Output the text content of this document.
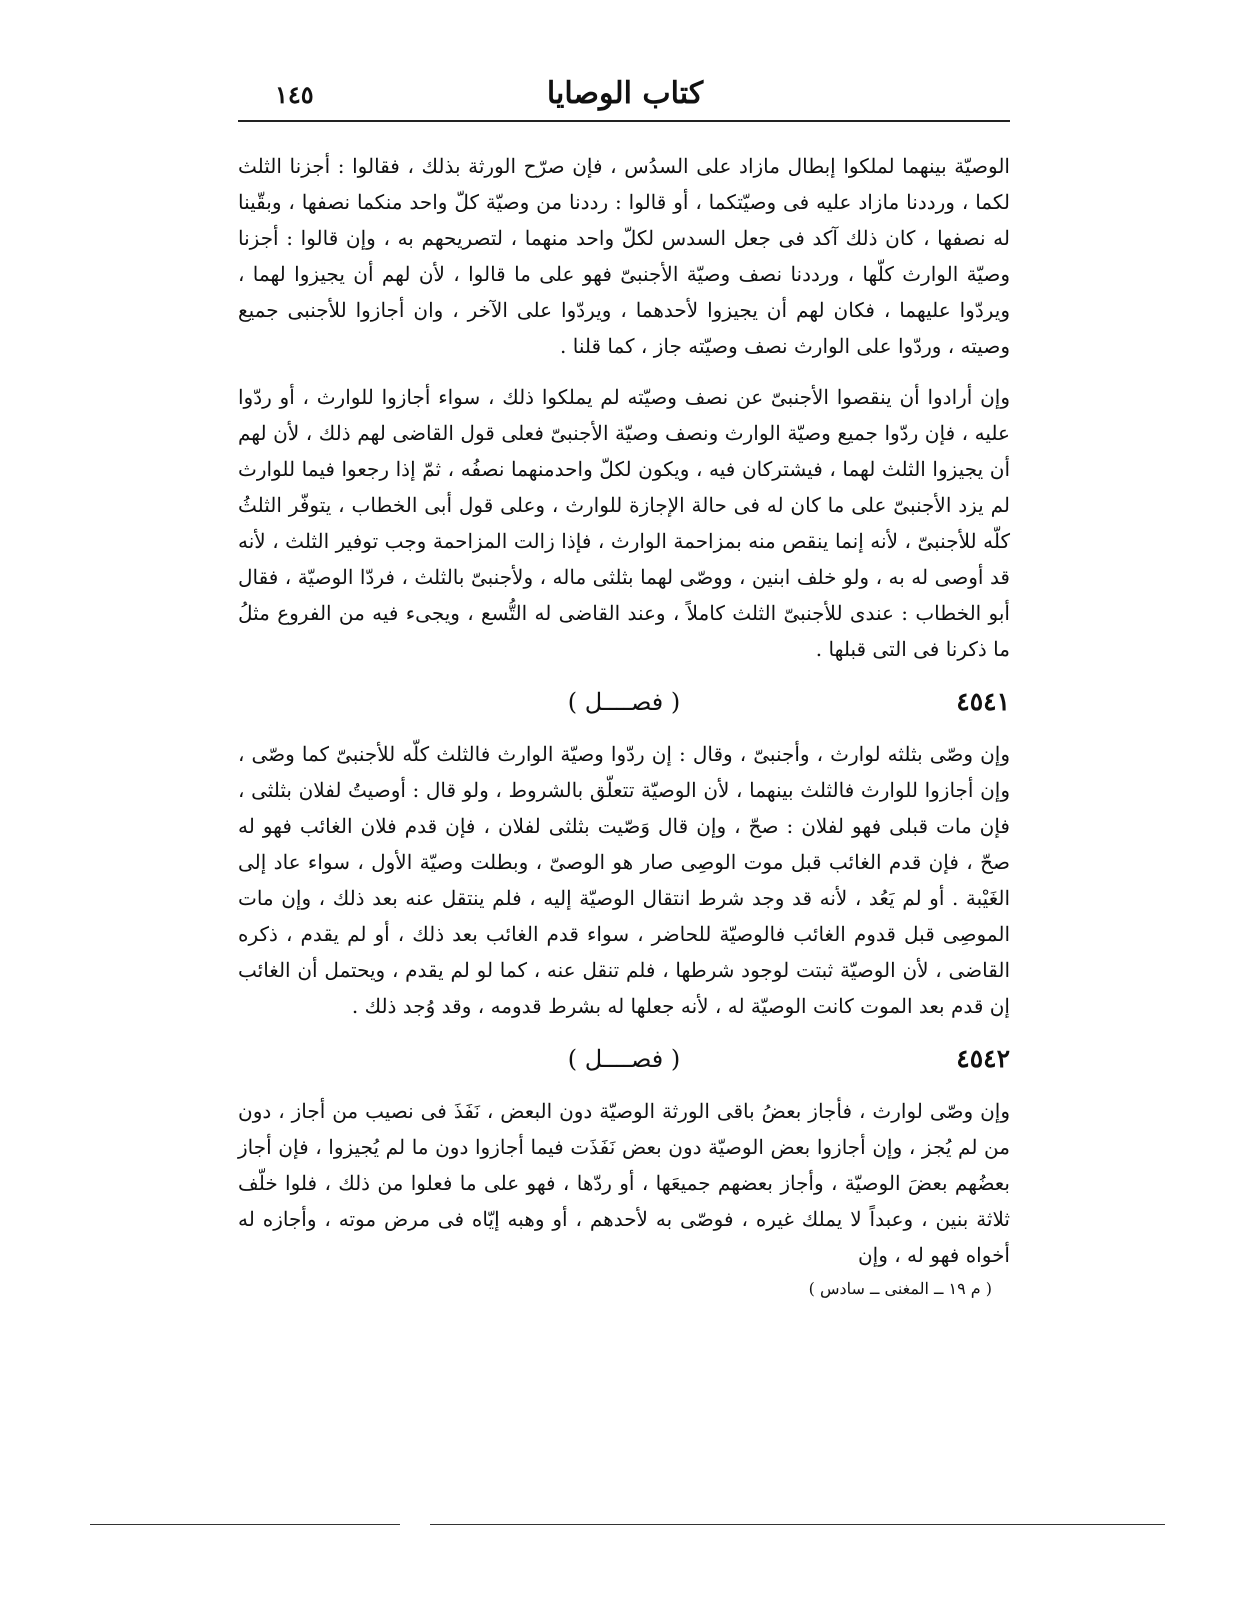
كتاب الوصايا
١٤٥

الوصيّة بينهما لملكوا إبطال مازاد على السدُس ، فإن صرّح الورثة بذلك ، فقالوا : أجزنا الثلث لكما ، ورددنا مازاد عليه فى وصيّتكما ، أو قالوا : رددنا من وصيّة كلّ واحد منكما نصفها ، وبقّينا له نصفها ، كان ذلك آكد فى جعل السدس لكلّ واحد منهما ، لتصريحهم به ، وإن قالوا : أجزنا وصيّة الوارث كلّها ، ورددنا نصف وصيّة الأجنبىّ فهو على ما قالوا ، لأن لهم أن يجيزوا لهما ، ويردّوا عليهما ، فكان لهم أن يجيزوا لأحدهما ، ويردّوا على الآخر ، وان أجازوا للأجنبى جميع وصيته ، وردّوا على الوارث نصف وصيّته جاز ، كما قلنا .

وإن أرادوا أن ينقصوا الأجنبىّ عن نصف وصيّته لم يملكوا ذلك ، سواء أجازوا للوارث ، أو ردّوا عليه ، فإن ردّوا جميع وصيّة الوارث ونصف وصيّة الأجنبىّ فعلى قول القاضى لهم ذلك ، لأن لهم أن يجيزوا الثلث لهما ، فيشتركان فيه ، ويكون لكلّ واحدمنهما نصفُه ، ثمّ إذا رجعوا فيما للوارث لم يزد الأجنبىّ على ما كان له فى حالة الإجازة للوارث ، وعلى قول أبى الخطاب ، يتوفّر الثلثُ كلّه للأجنبىّ ، لأنه إنما ينقص منه بمزاحمة الوارث ، فإذا زالت المزاحمة وجب توفير الثلث ، لأنه قد أوصى له به ، ولو خلف ابنين ، ووصّى لهما بثلثى ماله ، ولأجنبىّ بالثلث ، فردّا الوصيّة ، فقال أبو الخطاب : عندى للأجنبىّ الثلث كاملاً ، وعند القاضى له التُّسع ، ويجىء فيه من الفروع مثلُ ما ذكرنا فى التى قبلها .

٤٥٤١
( فصــــل )

وإن وصّى بثلثه لوارث ، وأجنبىّ ، وقال : إن ردّوا وصيّة الوارث فالثلث كلّه للأجنبىّ كما وصّى ، وإن أجازوا للوارث فالثلث بينهما ، لأن الوصيّة تتعلّق بالشروط ، ولو قال : أوصيتُ لفلان بثلثى ، فإن مات قبلى فهو لفلان : صحّ ، وإن قال وَصّيت بثلثى لفلان ، فإن قدم فلان الغائب فهو له صحّ ، فإن قدم الغائب قبل موت الوصِى صار هو الوصىّ ، وبطلت وصيّة الأول ، سواء عاد إلى الغَيْبة . أو لم يَعُد ، لأنه قد وجد شرط انتقال الوصيّة إليه ، فلم ينتقل عنه بعد ذلك ، وإن مات الموصِى قبل قدوم الغائب فالوصيّة للحاضر ، سواء قدم الغائب بعد ذلك ، أو لم يقدم ، ذكره القاضى ، لأن الوصيّة ثبتت لوجود شرطها ، فلم تنقل عنه ، كما لو لم يقدم ، ويحتمل أن الغائب إن قدم بعد الموت كانت الوصيّة له ، لأنه جعلها له بشرط قدومه ، وقد وُجد ذلك .

٤٥٤٢
( فصــــل )

وإن وصّى لوارث ، فأجاز بعضُ باقى الورثة الوصيّة دون البعض ، نَفَذَ فى نصيب من أجاز ، دون من لم يُجز ، وإن أجازوا بعض الوصيّة دون بعض نَفَذَت فيما أجازوا دون ما لم يُجيزوا ، فإن أجاز بعضُهم بعضَ الوصيّة ، وأجاز بعضهم جميعَها ، أو ردّها ، فهو على ما فعلوا من ذلك ، فلوا خلّف ثلاثة بنين ، وعبداً لا يملك غيره ، فوصّى به لأحدهم ، أو وهبه إيّاه فى مرض موته ، وأجازه له أخواه فهو له ، وإن

( م ١٩ ــ المغنى ــ سادس )
